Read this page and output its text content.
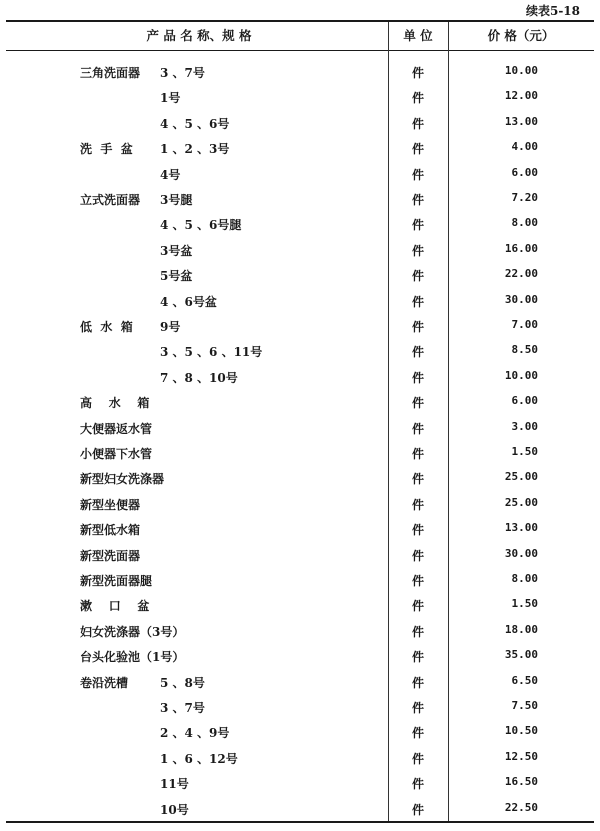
续表5-18
产 品 名 称、规 格	单 位	价 格（元）
三角洗面器 3 、7号	件	10.00
1号	件	12.00
4 、5 、6号	件	13.00
洗  手  盆 1 、2 、3号	件	4.00
4号	件	6.00
立式洗面器 3号腿	件	7.20
4 、5 、6号腿	件	8.00
3号盆	件	16.00
5号盆	件	22.00
4 、6号盆	件	30.00
低  水  箱 9号	件	7.00
3 、5 、6 、11号	件	8.50
7 、8 、10号	件	10.00
高    水    箱	件	6.00
大便器返水管	件	3.00
小便器下水管	件	1.50
新型妇女洗涤器	件	25.00
新型坐便器	件	25.00
新型低水箱	件	13.00
新型洗面器	件	30.00
新型洗面器腿	件	8.00
漱    口    盆	件	1.50
妇女洗涤器（3号）	件	18.00
台头化验池（1号）	件	35.00
卷沿洗槽	5 、8号	件	6.50
3 、7号	件	7.50
2 、4 、9号	件	10.50
1 、6 、12号	件	12.50
11号	件	16.50
10号	件	22.50
